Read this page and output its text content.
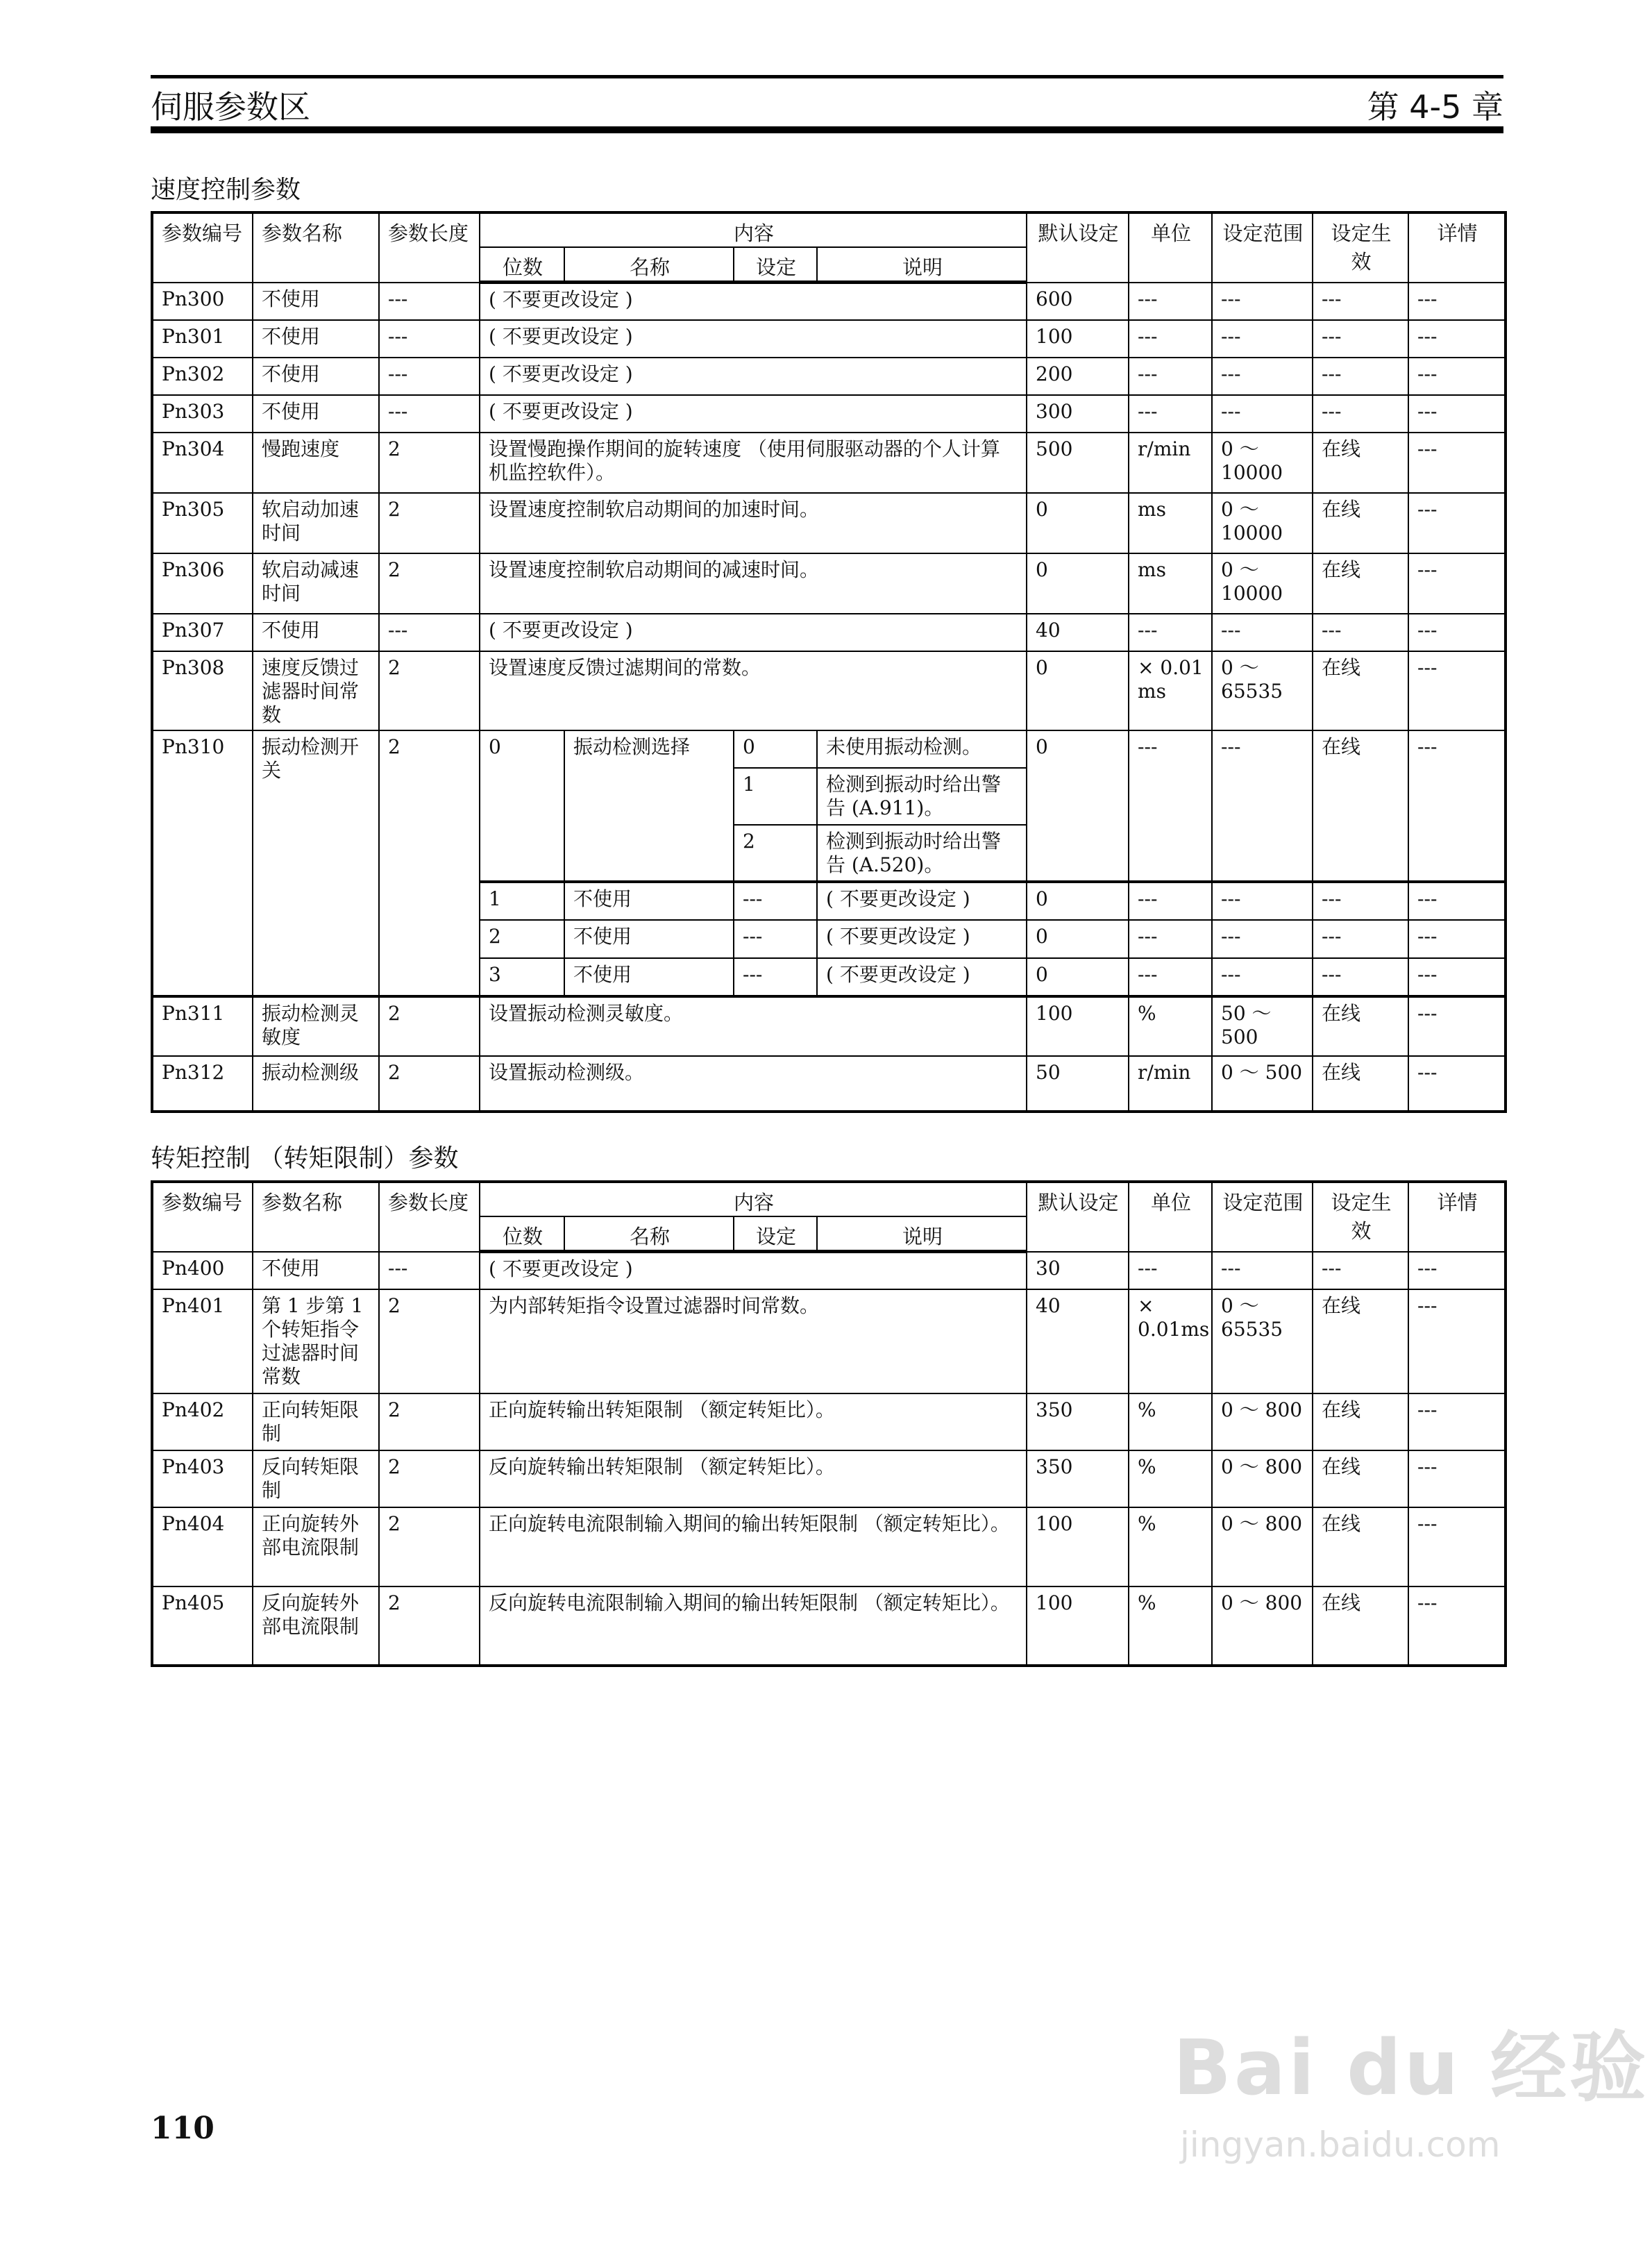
伺服参数区	第 4-5 章
速度控制参数
参数编号	参数名称	参数长度	内容				默认设定	单位	设定范围	设定生效	详情
			位数	名称	设定	说明					
Pn300	不使用	---	( 不要更改设定 )				600	---	---	---	---
Pn301	不使用	---	( 不要更改设定 )				100	---	---	---	---
Pn302	不使用	---	( 不要更改设定 )				200	---	---	---	---
Pn303	不使用	---	( 不要更改设定 )				300	---	---	---	---
Pn304	慢跑速度	2	设置慢跑操作期间的旋转速度 （使用伺服驱动器的个人计算机监控软件）。				500	r/min	0 ～ 10000	在线	---
Pn305	软启动加速时间	2	设置速度控制软启动期间的加速时间。				0	ms	0 ～ 10000	在线	---
Pn306	软启动减速时间	2	设置速度控制软启动期间的减速时间。				0	ms	0 ～ 10000	在线	---
Pn307	不使用	---	( 不要更改设定 )				40	---	---	---	---
Pn308	速度反馈过滤器时间常数	2	设置速度反馈过滤期间的常数。				0	× 0.01 ms	0 ～ 65535	在线	---
Pn310	振动检测开关	2	0	振动检测选择	0	未使用振动检测。	0	---	---	在线	---
					1	检测到振动时给出警告 (A.911)。					
					2	检测到振动时给出警告 (A.520)。					
			1	不使用	---	( 不要更改设定 )	0	---	---	---	---
			2	不使用	---	( 不要更改设定 )	0	---	---	---	---
			3	不使用	---	( 不要更改设定 )	0	---	---	---	---
Pn311	振动检测灵敏度	2	设置振动检测灵敏度。				100	%	50 ～ 500	在线	---
Pn312	振动检测级	2	设置振动检测级。				50	r/min	0 ～ 500	在线	---
转矩控制 （转矩限制）参数
参数编号	参数名称	参数长度	内容				默认设定	单位	设定范围	设定生效	详情
			位数	名称	设定	说明					
Pn400	不使用	---	( 不要更改设定 )				30	---	---	---	---
Pn401	第 1 步第 1 个转矩指令过滤器时间常数	2	为内部转矩指令设置过滤器时间常数。				40	× 0.01ms	0 ～ 65535	在线	---
Pn402	正向转矩限制	2	正向旋转输出转矩限制 （额定转矩比）。				350	%	0 ～ 800	在线	---
Pn403	反向转矩限制	2	反向旋转输出转矩限制 （额定转矩比）。				350	%	0 ～ 800	在线	---
Pn404	正向旋转外部电流限制	2	正向旋转电流限制输入期间的输出转矩限制 （额定转矩比）。				100	%	0 ～ 800	在线	---
Pn405	反向旋转外部电流限制	2	反向旋转电流限制输入期间的输出转矩限制 （额定转矩比）。				100	%	0 ～ 800	在线	---
110
Bai du 经验
jingyan.baidu.com
